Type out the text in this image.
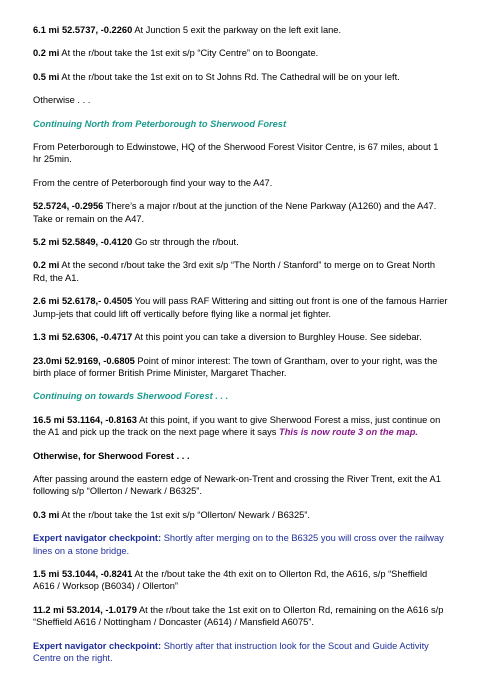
6.1 mi 52.5737, -0.2260 At Junction 5 exit the parkway on the left exit lane.

0.2 mi At the r/bout take the 1st exit s/p “City Centre” on to Boongate.

0.5 mi At the r/bout take the 1st exit on to St Johns Rd. The Cathedral will be on your left.

Otherwise . . .

Continuing North from Peterborough to Sherwood Forest

From Peterborough to Edwinstowe, HQ of the Sherwood Forest Visitor Centre, is 67 miles, about 1 hr 25min.

From the centre of Peterborough find your way to the A47.

52.5724, -0.2956 There’s a major r/bout at the junction of the Nene Parkway (A1260) and the A47. Take or remain on the A47.

5.2 mi 52.5849, -0.4120 Go str through the r/bout.

0.2 mi At the second r/bout take the 3rd exit s/p “The North / Stanford” to merge on to Great North Rd, the A1.

2.6 mi 52.6178,- 0.4505 You will pass RAF Wittering and sitting out front is one of the famous Harrier Jump-jets that could lift off vertically before flying like a normal jet fighter.

1.3 mi 52.6306, -0.4717 At this point you can take a diversion to Burghley House. See sidebar.

23.0mi 52.9169, -0.6805 Point of minor interest: The town of Grantham, over to your right, was the birth place of former British Prime Minister, Margaret Thacher.

Continuing on towards Sherwood Forest . . .

16.5 mi 53.1164, -0.8163 At this point, if you want to give Sherwood Forest a miss, just continue on the A1 and pick up the track on the next page where it says This is now route 3 on the map.

Otherwise, for Sherwood Forest . . .

After passing around the eastern edge of Newark-on-Trent and crossing the River Trent, exit the A1 following s/p “Ollerton / Newark / B6325”.

0.3 mi At the r/bout take the 1st exit s/p “Ollerton/ Newark / B6325”.

Expert navigator checkpoint: Shortly after merging on to the B6325 you will cross over the railway lines on a stone bridge.

1.5 mi 53.1044, -0.8241 At the r/bout take the 4th exit on to Ollerton Rd, the A616, s/p “Sheffield A616 / Worksop (B6034) / Ollerton”

11.2 mi 53.2014, -1.0179 At the r/bout take the 1st exit on to Ollerton Rd, remaining on the A616 s/p “Sheffield A616 / Nottingham / Doncaster (A614) / Mansfield A6075”.

Expert navigator checkpoint: Shortly after that instruction look for the Scout and Guide Activity Centre on the right.
